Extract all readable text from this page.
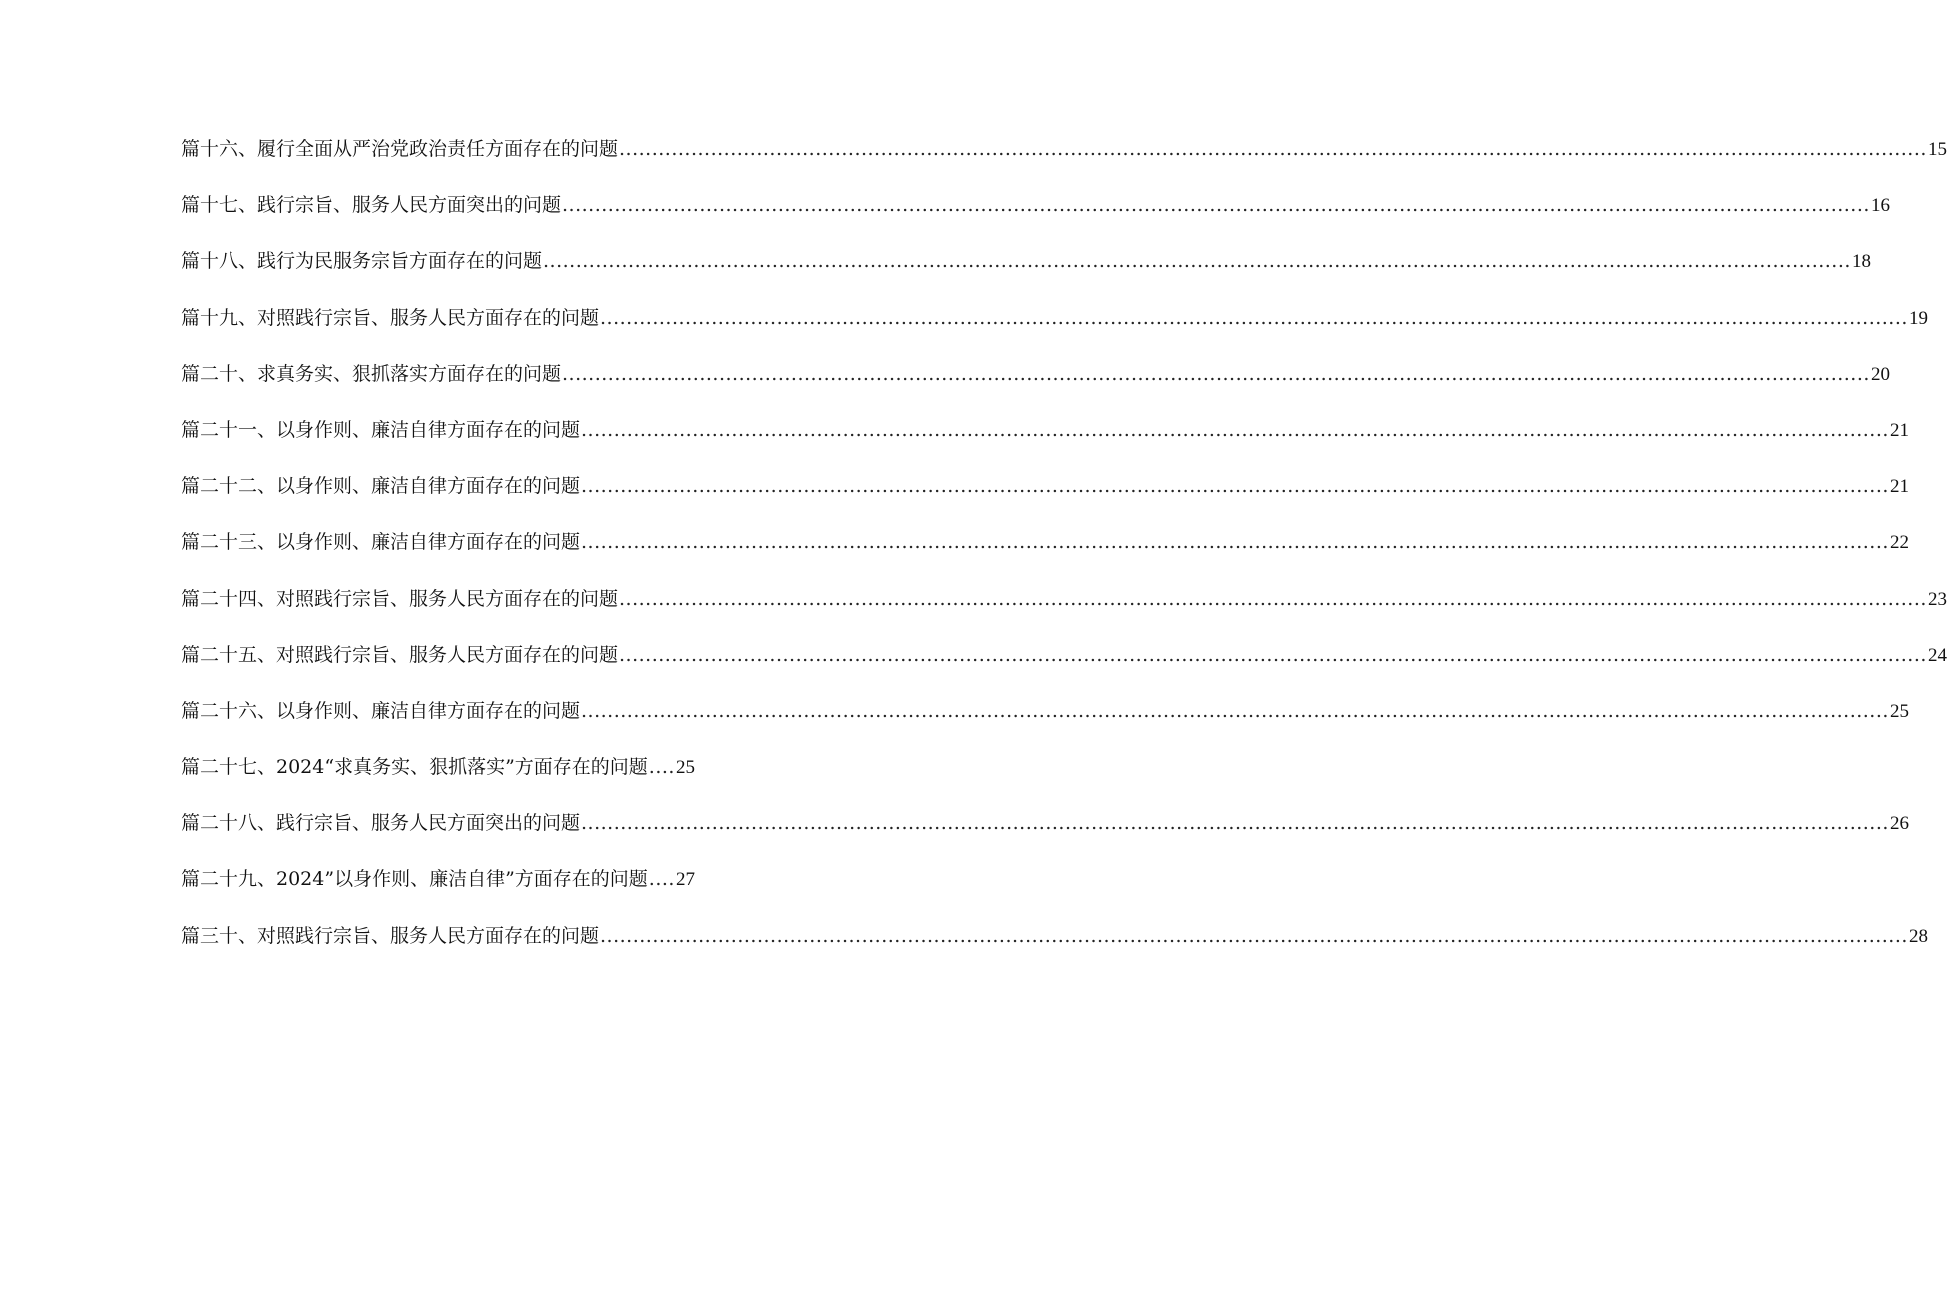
篇十六、履行全面从严治党政治责任方面存在的问题 ........................................................................................................................................................................................................ 15
篇十七、践行宗旨、服务人民方面突出的问题 ........................................................................................................................................................................................................ 16
篇十八、践行为民服务宗旨方面存在的问题 ........................................................................................................................................................................................................ 18
篇十九、对照践行宗旨、服务人民方面存在的问题 ........................................................................................................................................................................................................ 19
篇二十、求真务实、狠抓落实方面存在的问题 ........................................................................................................................................................................................................ 20
篇二十一、以身作则、廉洁自律方面存在的问题 ........................................................................................................................................................................................................ 21
篇二十二、以身作则、廉洁自律方面存在的问题 ........................................................................................................................................................................................................ 21
篇二十三、以身作则、廉洁自律方面存在的问题 ........................................................................................................................................................................................................ 22
篇二十四、对照践行宗旨、服务人民方面存在的问题 ........................................................................................................................................................................................................ 23
篇二十五、对照践行宗旨、服务人民方面存在的问题 ........................................................................................................................................................................................................ 24
篇二十六、以身作则、廉洁自律方面存在的问题 ........................................................................................................................................................................................................ 25
篇二十七、2024“求真务实、狠抓落实”方面存在的问题 .... 25
篇二十八、践行宗旨、服务人民方面突出的问题 ........................................................................................................................................................................................................ 26
篇二十九、2024”以身作则、廉洁自律”方面存在的问题 .... 27
篇三十、对照践行宗旨、服务人民方面存在的问题 ........................................................................................................................................................................................................ 28
